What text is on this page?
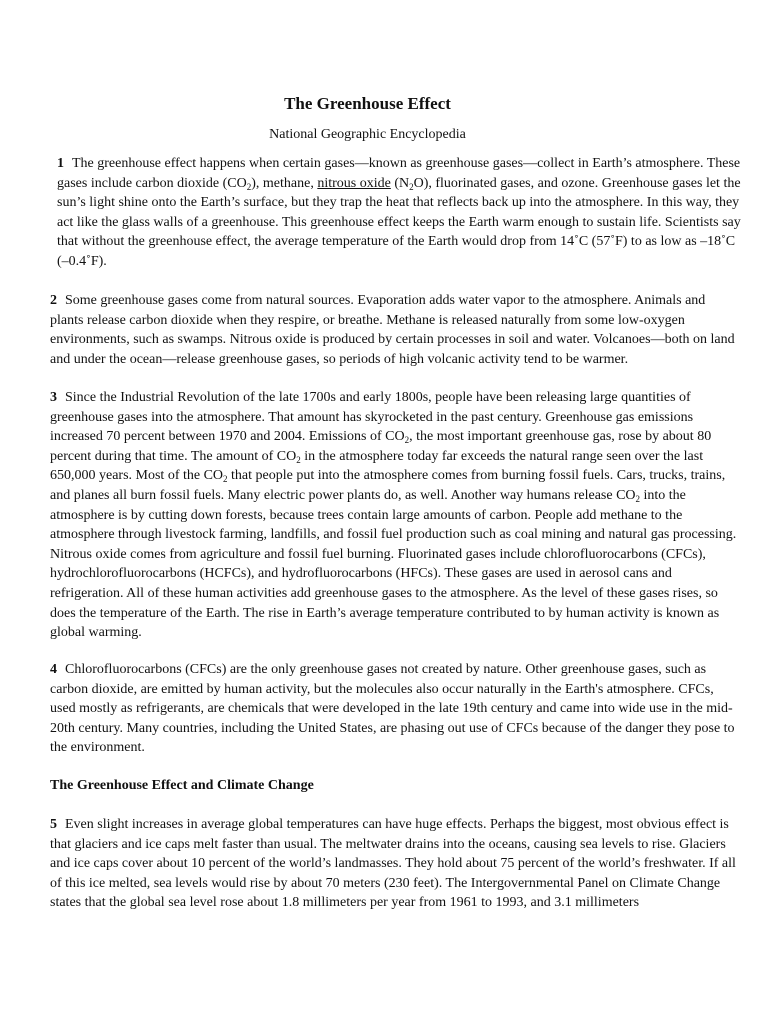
The Greenhouse Effect
National Geographic Encyclopedia

1 The greenhouse effect happens when certain gases—known as greenhouse gases—collect in Earth’s atmosphere. These gases include carbon dioxide $(CO_2)$, methane, nitrous oxide $(N_2O)$, fluorinated gases, and ozone. Greenhouse gases let the sun’s light shine onto the Earth’s surface, but they trap the heat that reflects back up into the atmosphere. In this way, they act like the glass walls of a greenhouse. This greenhouse effect keeps the Earth warm enough to sustain life. Scientists say that without the greenhouse effect, the average temperature of the Earth would drop from 14˚C (57˚F) to as low as –18˚C (–0.4˚F).

2 Some greenhouse gases come from natural sources. Evaporation adds water vapor to the atmosphere. Animals and plants release carbon dioxide when they respire, or breathe. Methane is released naturally from some low-oxygen environments, such as swamps. Nitrous oxide is produced by certain processes in soil and water. Volcanoes—both on land and under the ocean—release greenhouse gases, so periods of high volcanic activity tend to be warmer.

3 Since the Industrial Revolution of the late 1700s and early 1800s, people have been releasing large quantities of greenhouse gases into the atmosphere. That amount has skyrocketed in the past century. Greenhouse gas emissions increased 70 percent between 1970 and 2004. Emissions of $CO_2$, the most important greenhouse gas, rose by about 80 percent during that time. The amount of $CO_2$ in the atmosphere today far exceeds the natural range seen over the last 650,000 years. Most of the $CO_2$ that people put into the atmosphere comes from burning fossil fuels. Cars, trucks, trains, and planes all burn fossil fuels. Many electric power plants do, as well. Another way humans release $CO_2$ into the atmosphere is by cutting down forests, because trees contain large amounts of carbon. People add methane to the atmosphere through livestock farming, landfills, and fossil fuel production such as coal mining and natural gas processing. Nitrous oxide comes from agriculture and fossil fuel burning. Fluorinated gases include chlorofluorocarbons (CFCs), hydrochlorofluorocarbons (HCFCs), and hydrofluorocarbons (HFCs). These gases are used in aerosol cans and refrigeration. All of these human activities add greenhouse gases to the atmosphere. As the level of these gases rises, so does the temperature of the Earth. The rise in Earth’s average temperature contributed to by human activity is known as global warming.

4 Chlorofluorocarbons (CFCs) are the only greenhouse gases not created by nature. Other greenhouse gases, such as carbon dioxide, are emitted by human activity, but the molecules also occur naturally in the Earth's atmosphere. CFCs, used mostly as refrigerants, are chemicals that were developed in the late 19th century and came into wide use in the mid-20th century. Many countries, including the United States, are phasing out use of CFCs because of the danger they pose to the environment.

The Greenhouse Effect and Climate Change

5 Even slight increases in average global temperatures can have huge effects. Perhaps the biggest, most obvious effect is that glaciers and ice caps melt faster than usual. The meltwater drains into the oceans, causing sea levels to rise. Glaciers and ice caps cover about 10 percent of the world’s landmasses. They hold about 75 percent of the world’s freshwater. If all of this ice melted, sea levels would rise by about 70 meters (230 feet). The Intergovernmental Panel on Climate Change states that the global sea level rose about 1.8 millimeters per year from 1961 to 1993, and 3.1 millimeters
